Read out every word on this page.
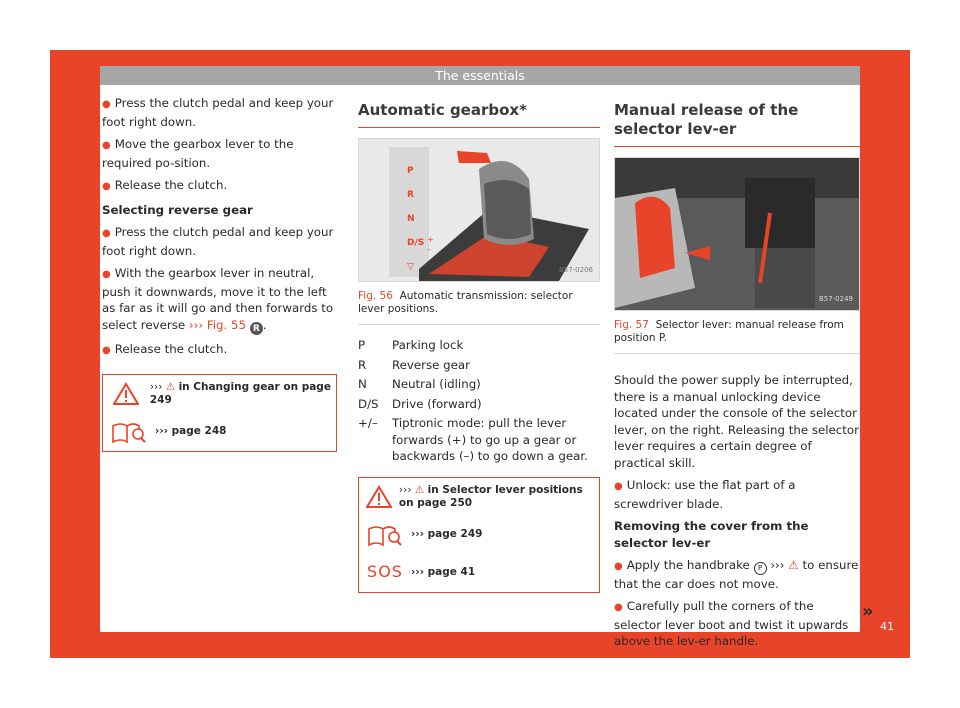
The essentials

● Press the clutch pedal and keep your foot right down.

● Move the gearbox lever to the required po-sition.

● Release the clutch.

Selecting reverse gear

● Press the clutch pedal and keep your foot right down.

● With the gearbox lever in neutral, push it downwards, move it to the left as far as it will go and then forwards to select reverse ››› Fig. 55 R .

● Release the clutch.

››› ⚠ in Changing gear on page 249
››› page 248
Automatic gearbox*
P
R
N
D/S
▽
+
–
B57-0206
Fig. 56 Automatic transmission: selector lever positions.
P	Parking lock
R	Reverse gear
N	Neutral (idling)
D/S	Drive (forward)
+/–	Tiptronic mode: pull the lever forwards (+) to go up a gear or backwards (–) to go down a gear.
››› ⚠ in Selector lever positions on page 250
››› page 249
SOS ››› page 41
Manual release of the selector lev-er
B57-0249
Fig. 57 Selector lever: manual release from position P.

Should the power supply be interrupted, there is a manual unlocking device located under the console of the selector lever, on the right. Releasing the selector lever requires a certain degree of practical skill.

● Unlock: use the flat part of a screwdriver blade.

Removing the cover from the selector lev-er

● Apply the handbrake P ››› ⚠ to ensure that the car does not move.

● Carefully pull the corners of the selector lever boot and twist it upwards above the lev-er handle.

»
41
